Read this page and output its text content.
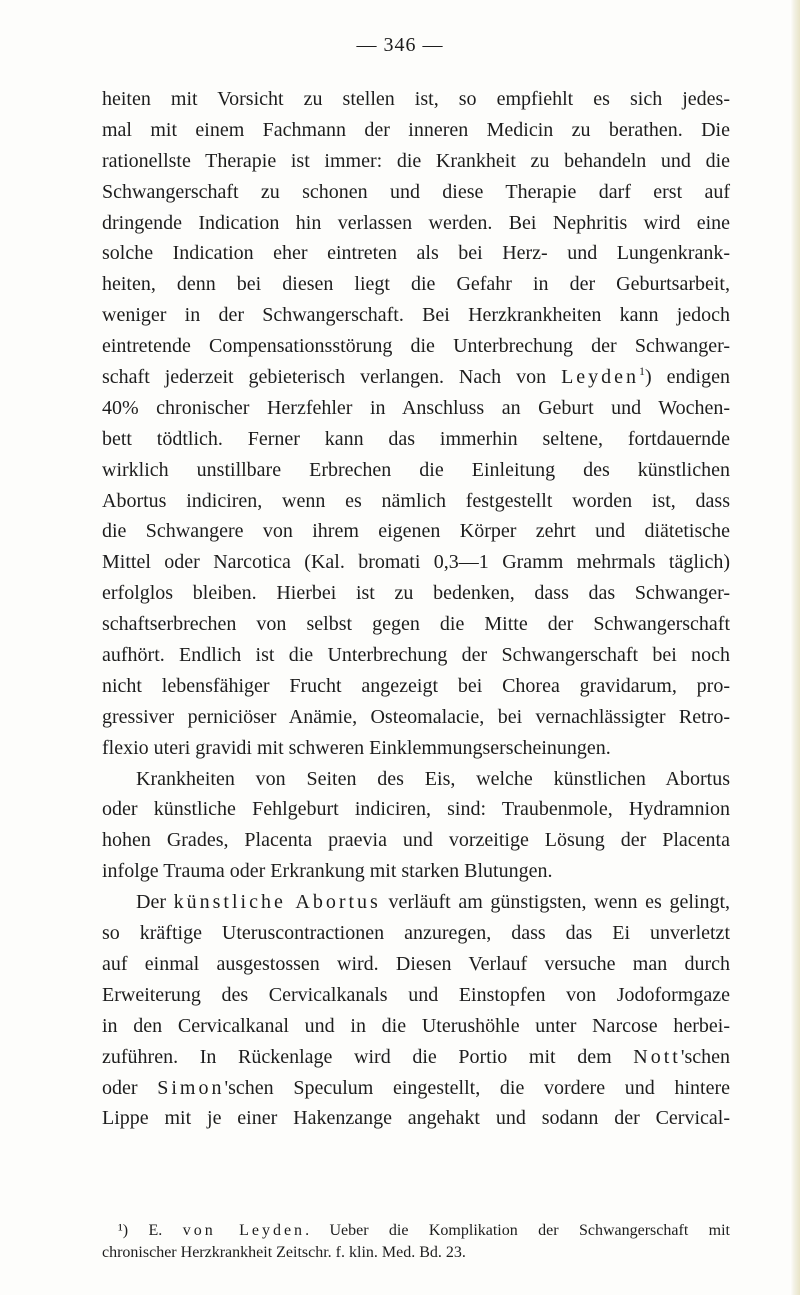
— 346 —
heiten mit Vorsicht zu stellen ist, so empfiehlt es sich jedes-
mal mit einem Fachmann der inneren Medicin zu berathen. Die
rationellste Therapie ist immer: die Krankheit zu behandeln und die
Schwangerschaft zu schonen und diese Therapie darf erst auf
dringende Indication hin verlassen werden. Bei Nephritis wird eine
solche Indication eher eintreten als bei Herz- und Lungenkrank-
heiten, denn bei diesen liegt die Gefahr in der Geburtsarbeit,
weniger in der Schwangerschaft. Bei Herzkrankheiten kann jedoch
eintretende Compensationsstörung die Unterbrechung der Schwanger-
schaft jederzeit gebieterisch verlangen. Nach von Leyden$^1$) endigen
40% chronischer Herzfehler in Anschluss an Geburt und Wochen-
bett tödtlich. Ferner kann das immerhin seltene, fortdauernde
wirklich unstillbare Erbrechen die Einleitung des künstlichen
Abortus indiciren, wenn es nämlich festgestellt worden ist, dass
die Schwangere von ihrem eigenen Körper zehrt und diätetische
Mittel oder Narcotica (Kal. bromati 0,3—1 Gramm mehrmals täglich)
erfolglos bleiben. Hierbei ist zu bedenken, dass das Schwanger-
schaftserbrechen von selbst gegen die Mitte der Schwangerschaft
aufhört. Endlich ist die Unterbrechung der Schwangerschaft bei noch
nicht lebensfähiger Frucht angezeigt bei Chorea gravidarum, pro-
gressiver perniciöser Anämie, Osteomalacie, bei vernachlässigter Retro-
flexio uteri gravidi mit schweren Einklemmungserscheinungen.
Krankheiten von Seiten des Eis, welche künstlichen Abortus
oder künstliche Fehlgeburt indiciren, sind: Traubenmole, Hydramnion
hohen Grades, Placenta praevia und vorzeitige Lösung der Placenta
infolge Trauma oder Erkrankung mit starken Blutungen.
Der künstliche Abortus verläuft am günstigsten, wenn es gelingt,
so kräftige Uteruscontractionen anzuregen, dass das Ei unverletzt
auf einmal ausgestossen wird. Diesen Verlauf versuche man durch
Erweiterung des Cervicalkanals und Einstopfen von Jodoformgaze
in den Cervicalkanal und in die Uterushöhle unter Narcose herbei-
zuführen. In Rückenlage wird die Portio mit dem Nott'schen
oder Simon'schen Speculum eingestellt, die vordere und hintere
Lippe mit je einer Hakenzange angehakt und sodann der Cervical-
¹) E. von Leyden. Ueber die Komplikation der Schwangerschaft mit
chronischer Herzkrankheit Zeitschr. f. klin. Med. Bd. 23.
